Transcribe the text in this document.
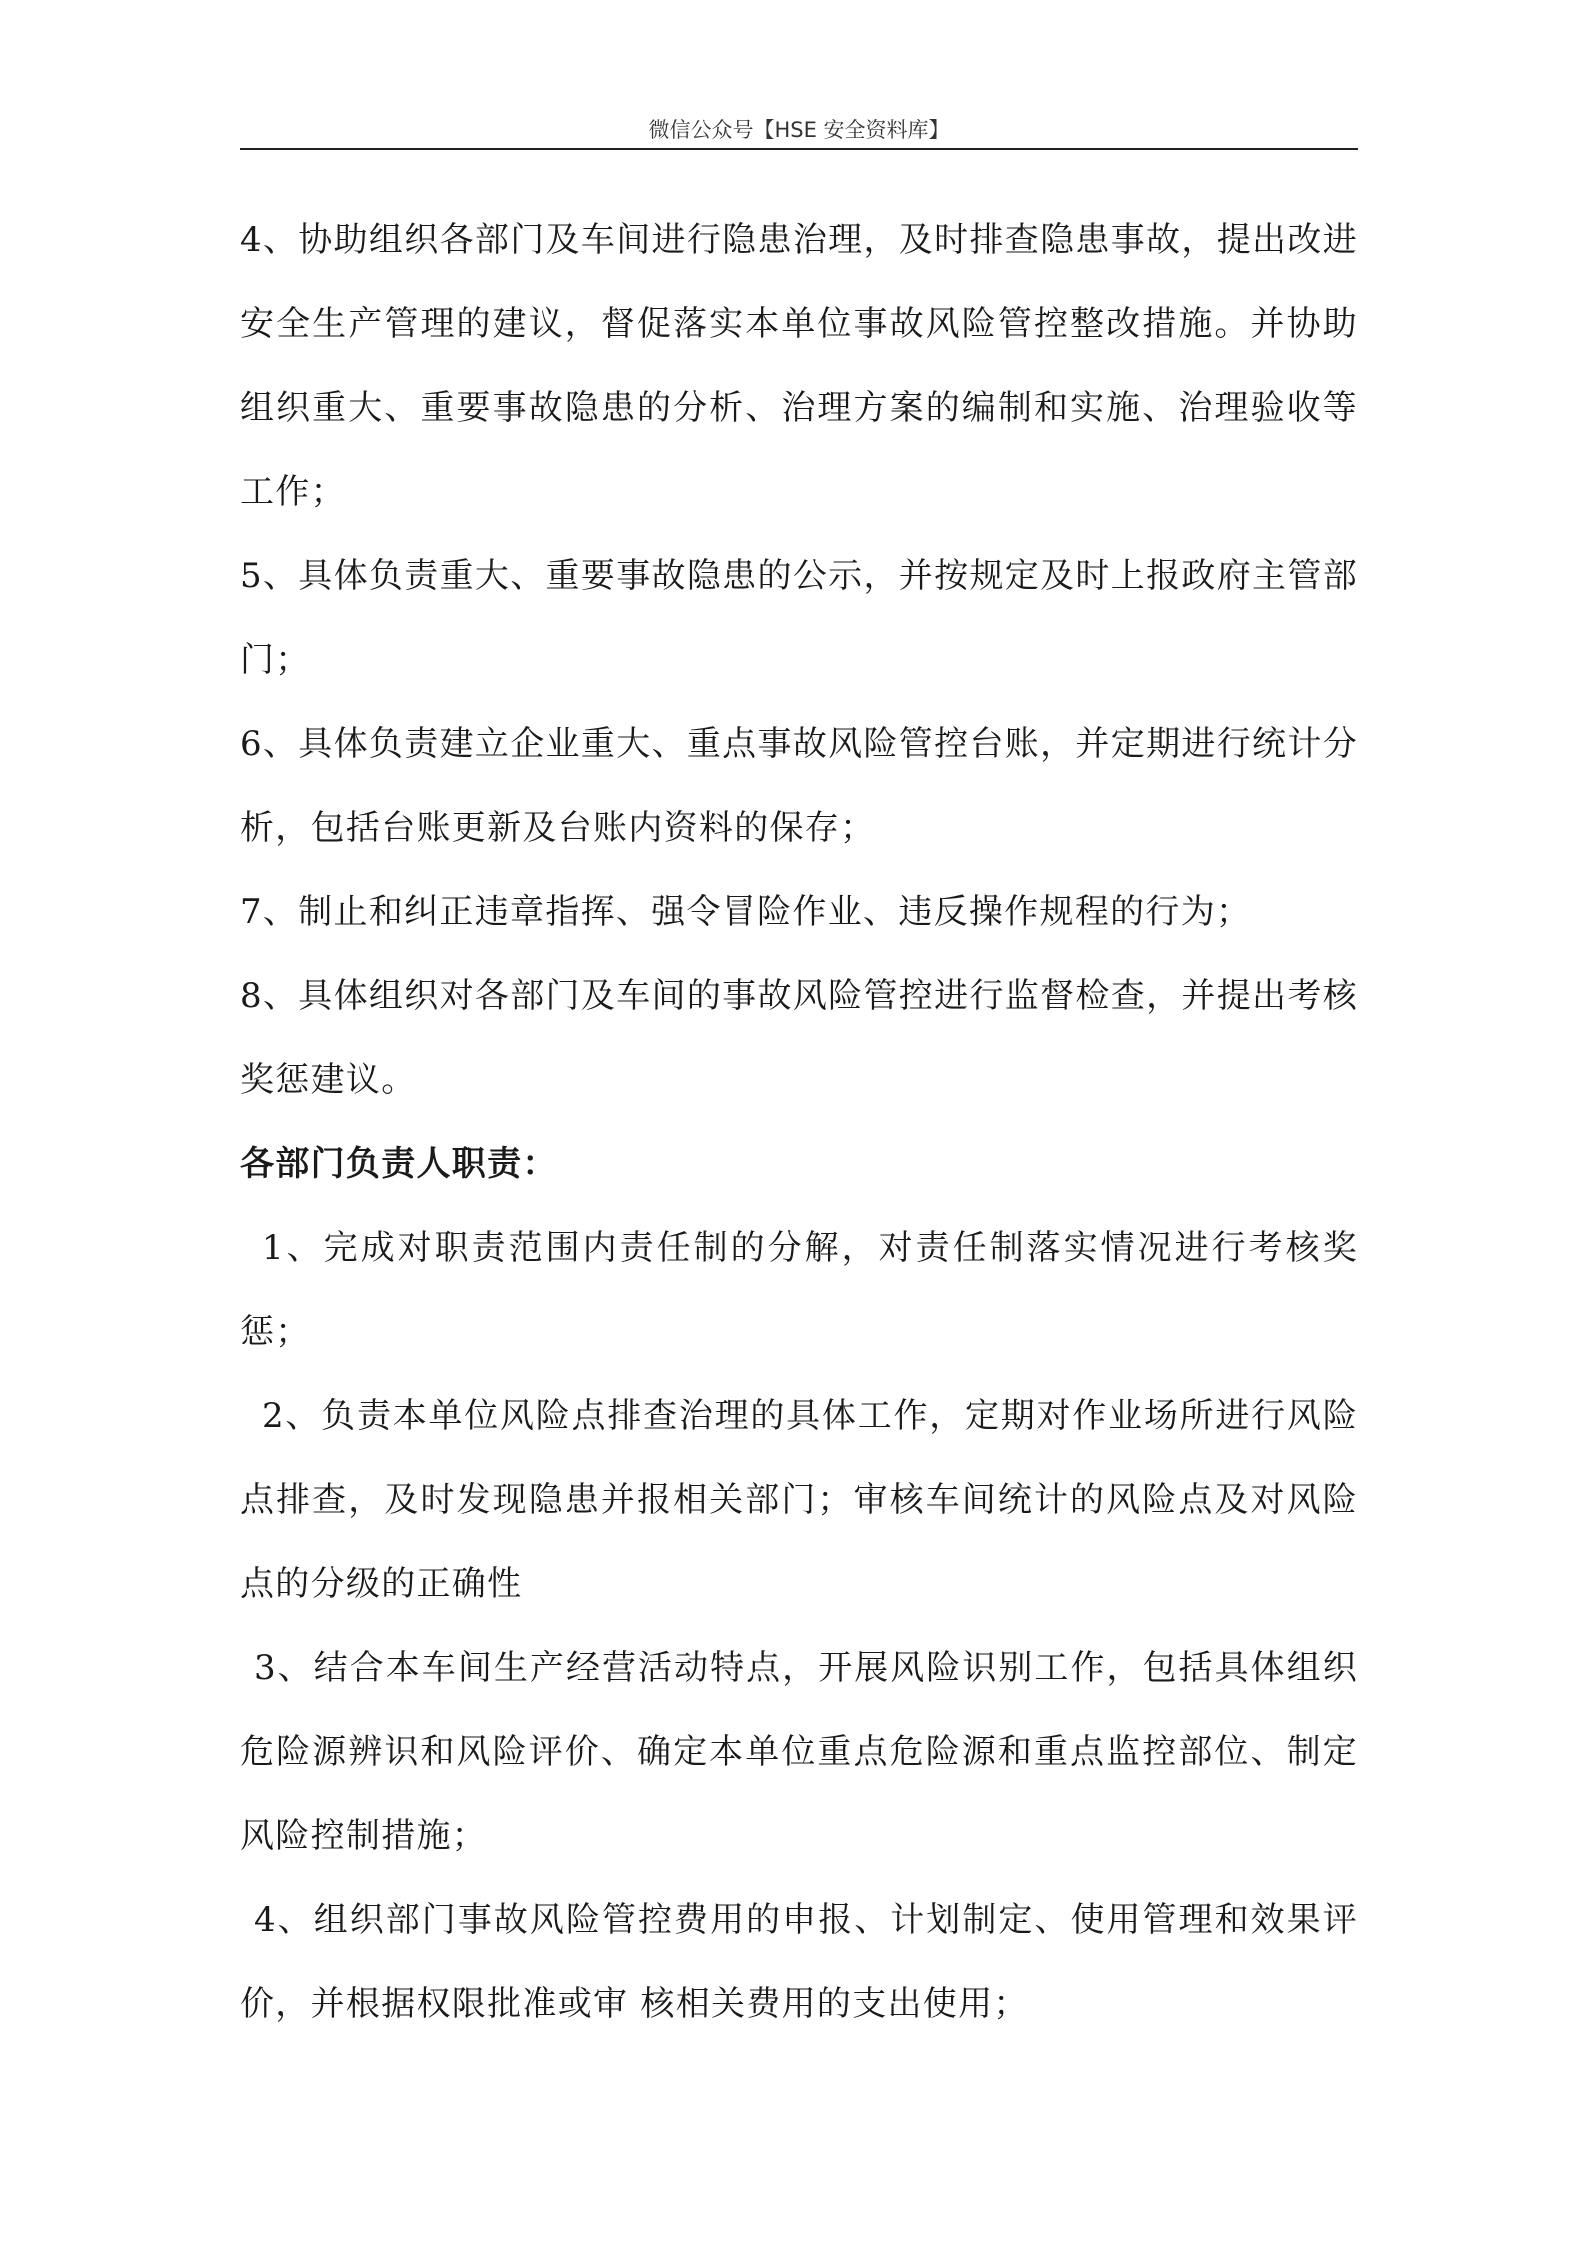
微信公众号【HSE 安全资料库】

4、协助组织各部门及车间进行隐患治理，及时排查隐患事故，提出改进安全生产管理的建议，督促落实本单位事故风险管控整改措施。并协助组织重大、重要事故隐患的分析、治理方案的编制和实施、治理验收等工作；

5、具体负责重大、重要事故隐患的公示，并按规定及时上报政府主管部门；

6、具体负责建立企业重大、重点事故风险管控台账，并定期进行统计分析，包括台账更新及台账内资料的保存；

7、制止和纠正违章指挥、强令冒险作业、违反操作规程的行为；

8、具体组织对各部门及车间的事故风险管控进行监督检查，并提出考核奖惩建议。

各部门负责人职责：

1、完成对职责范围内责任制的分解，对责任制落实情况进行考核奖惩；

2、负责本单位风险点排查治理的具体工作，定期对作业场所进行风险点排查，及时发现隐患并报相关部门；审核车间统计的风险点及对风险点的分级的正确性

3、结合本车间生产经营活动特点，开展风险识别工作，包括具体组织危险源辨识和风险评价、确定本单位重点危险源和重点监控部位、制定风险控制措施；

4、组织部门事故风险管控费用的申报、计划制定、使用管理和效果评价，并根据权限批准或审 核相关费用的支出使用；
